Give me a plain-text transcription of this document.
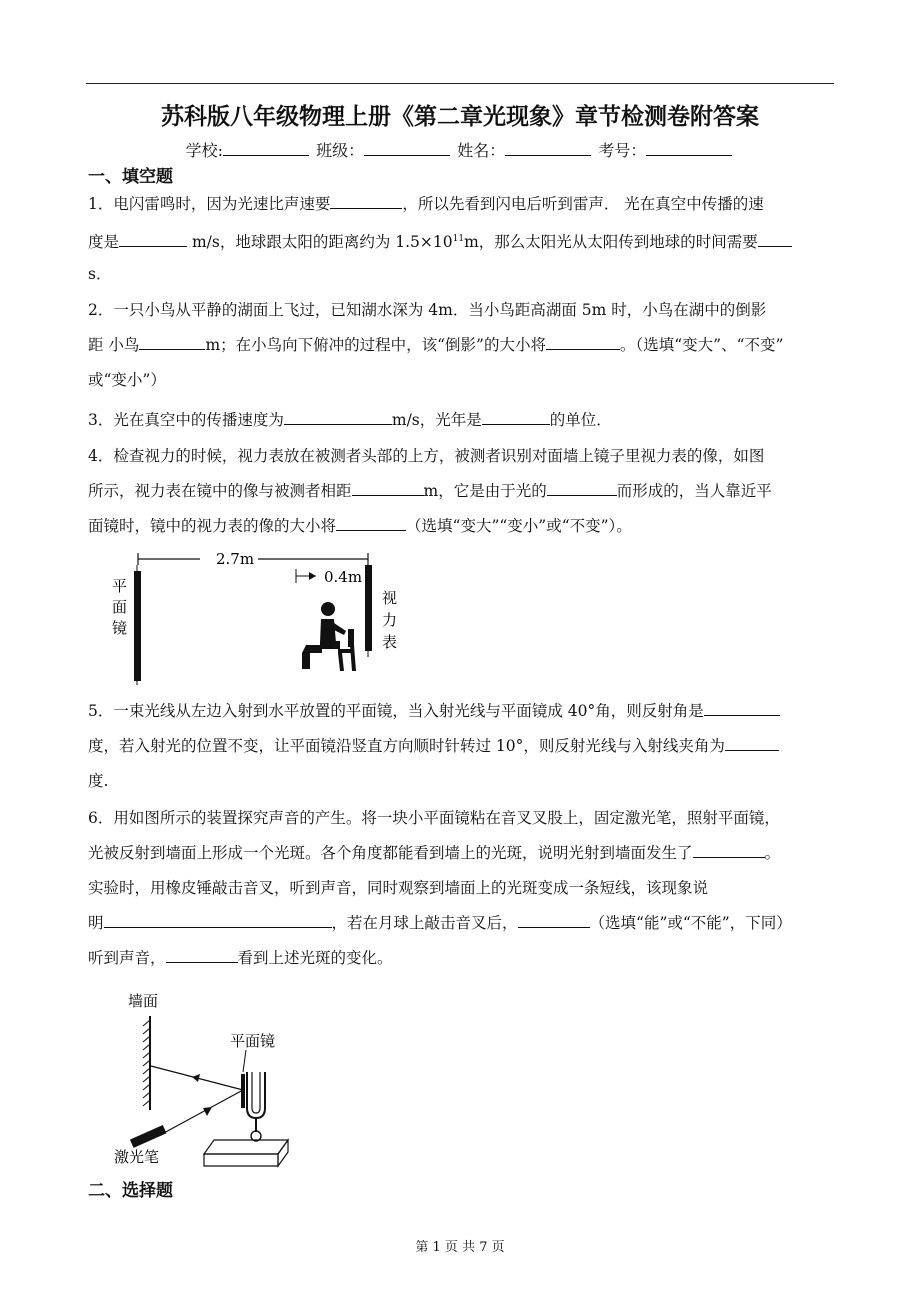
苏科版八年级物理上册《第二章光现象》章节检测卷附答案
学校:	班级：	姓名：	考号：
一、填空题
1．电闪雷鸣时，因为光速比声速要	，所以先看到闪电后听到雷声． 光在真空中传播的速
度是	m/s，地球跟太阳的距离约为 $1.5\times 10^{11}m$，那么太阳光从太阳传到地球的时间需要
s．
2．一只小鸟从平静的湖面上飞过，已知湖水深为 4m．当小鸟距高湖面 5m 时，小鸟在湖中的倒影
距 小鸟	m；在小鸟向下俯冲的过程中，该“倒影”的大小将	。（选填“变大”、“不变”
或“变小”）
3．光在真空中的传播速度为	m/s，光年是	的单位．
4．检查视力的时候，视力表放在被测者头部的上方，被测者识别对面墙上镜子里视力表的像，如图
所示，视力表在镜中的像与被测者相距	m，它是由于光的	而形成的，当人靠近平
面镜时，镜中的视力表的像的大小将	（选填“变大”“变小”或“不变”）。
2.7m
平
面
镜
0.4m
视
力
表
5．一束光线从左边入射到水平放置的平面镜，当入射光线与平面镜成 40°角，则反射角是
度，若入射光的位置不变，让平面镜沿竖直方向顺时针转过 10°，则反射光线与入射线夹角为
度.
6．用如图所示的装置探究声音的产生。将一块小平面镜粘在音叉叉股上，固定激光笔，照射平面镜，
光被反射到墙面上形成一个光斑。各个角度都能看到墙上的光斑，说明光射到墙面发生了	。
实验时，用橡皮锤敲击音叉，听到声音，同时观察到墙面上的光斑变成一条短线，该现象说
明	，若在月球上敲击音叉后，	（选填“能”或“不能”，下同）
听到声音，	看到上述光斑的变化。
墙面
激光笔
平面镜
二、选择题
第 1 页 共 7 页
